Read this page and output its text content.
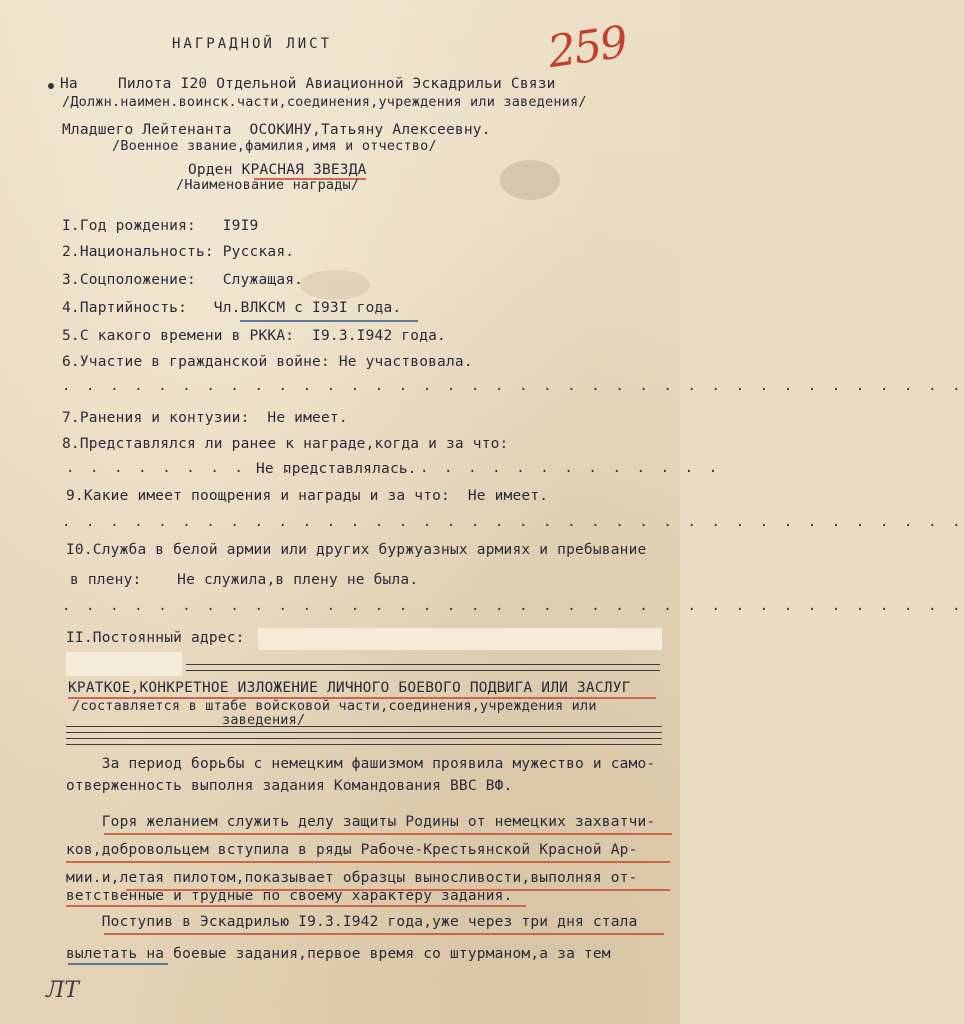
НАГРАДНОЙ ЛИСТ	259
На	Пилота I20 Отдельной Авиационной Эскадрильи Связи
/Должн.наимен.воинск.части,соединения,учреждения или заведения/
Младшего Лейтенанта  ОСОКИНУ,Татьяну Алексеевну.
/Военное звание,фамилия,имя и отчество/
Орден КРАСНАЯ ЗВЕЗДА
/Наименование награды/
I.Год рождения:   I9I9
2.Национальность: Русская.
3.Соцположение:   Служащая.
4.Партийность:   Чл.ВЛКСМ с I93I года.
5.С какого времени в РККА:  I9.3.I942 года.
6.Участие в гражданской войне: Не участвовала.
. . . . . . . . . . . . . . . . . . . . . . . . . . . . . . . . . . . . . .
7.Ранения и контузии:  Не имеет.
8.Представлялся ли ранее к награде,когда и за что:
. . . . . . . . . .
Не представлялась. . . . . . . . . . . . . .
9.Какие имеет поощрения и награды и за что:  Не имеет.
. . . . . . . . . . . . . . . . . . . . . . . . . . . . . . . . . . . . . .
I0.Служба в белой армии или других буржуазных армиях и пребывание
в плену:    Не служила,в плену не была.
. . . . . . . . . . . . . . . . . . . . . . . . . . . . . . . . . . . . . .
II.Постоянный адрес:
КРАТКОЕ,КОНКРЕТНОЕ ИЗЛОЖЕНИЕ ЛИЧНОГО БОЕВОГО ПОДВИГА ИЛИ ЗАСЛУГ
/составляется в штабе войсковой части,соединения,учреждения или
заведения/
За период борьбы с немецким фашизмом проявила мужество и само-
отверженность выполня задания Командования ВВС ВФ.
Горя желанием служить делу защиты Родины от немецких захватчи-
ков,добровольцем вступила в ряды Рабоче-Крестьянской Красной Ар-
мии.и,летая пилотом,показывает образцы выносливости,выполняя от-
ветственные и трудные по своему характеру задания.
Поступив в Эскадрилью I9.3.I942 года,уже через три дня стала
вылетать на боевые задания,первое время со штурманом,а за тем
ЛТ
